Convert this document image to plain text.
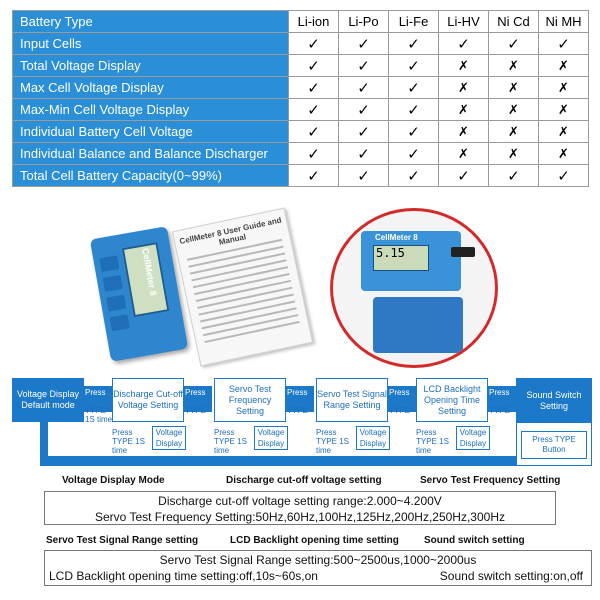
Battery Type	Li-ion	Li-Po	Li-Fe	Li-HV	Ni Cd	Ni MH
Input Cells	✓	✓	✓	✓	✓	✓
Total Voltage Display	✓	✓	✓	✗	✗	✗
Max Cell Voltage Display	✓	✓	✓	✗	✗	✗
Max-Min Cell Voltage Display	✓	✓	✓	✗	✗	✗
Individual Battery Cell Voltage	✓	✓	✓	✗	✗	✗
Individual Balance and Balance Discharger	✓	✓	✓	✗	✗	✗
Total Cell Battery Capacity(0~99%)	✓	✓	✓	✓	✓	✓
CellMeter 8
CellMeter 8 User Guide and Manual	CellMeter 8
5.15
Voltage Display
Default mode
Press
TYPE 1S time
Discharge Cut-off Voltage Setting
Press
TYPE
Press TYPE 1S time
Voltage Display
Servo Test Frequency Setting
Press
TYPE
Press TYPE 1S time
Voltage Display
Servo Test Signal Range Setting
Press
TYPE
Press TYPE 1S time
Voltage Display
LCD Backlight Opening Time Setting
Press
TYPE
Press TYPE 1S time
Voltage Display
Sound Switch Setting
Press TYPE Button
Voltage Display Mode	Discharge cut-off voltage setting	Servo Test Frequency Setting
Discharge cut-off voltage setting range:2.000~4.200V
Servo Test Frequency Setting:50Hz,60Hz,100Hz,125Hz,200Hz,250Hz,300Hz
Servo Test Signal Range setting	LCD Backlight opening time setting	Sound switch setting
Servo Test Signal Range setting:500~2500us,1000~2000us
LCD Backlight opening time setting:off,10s~60s,on	Sound switch setting:on,off
